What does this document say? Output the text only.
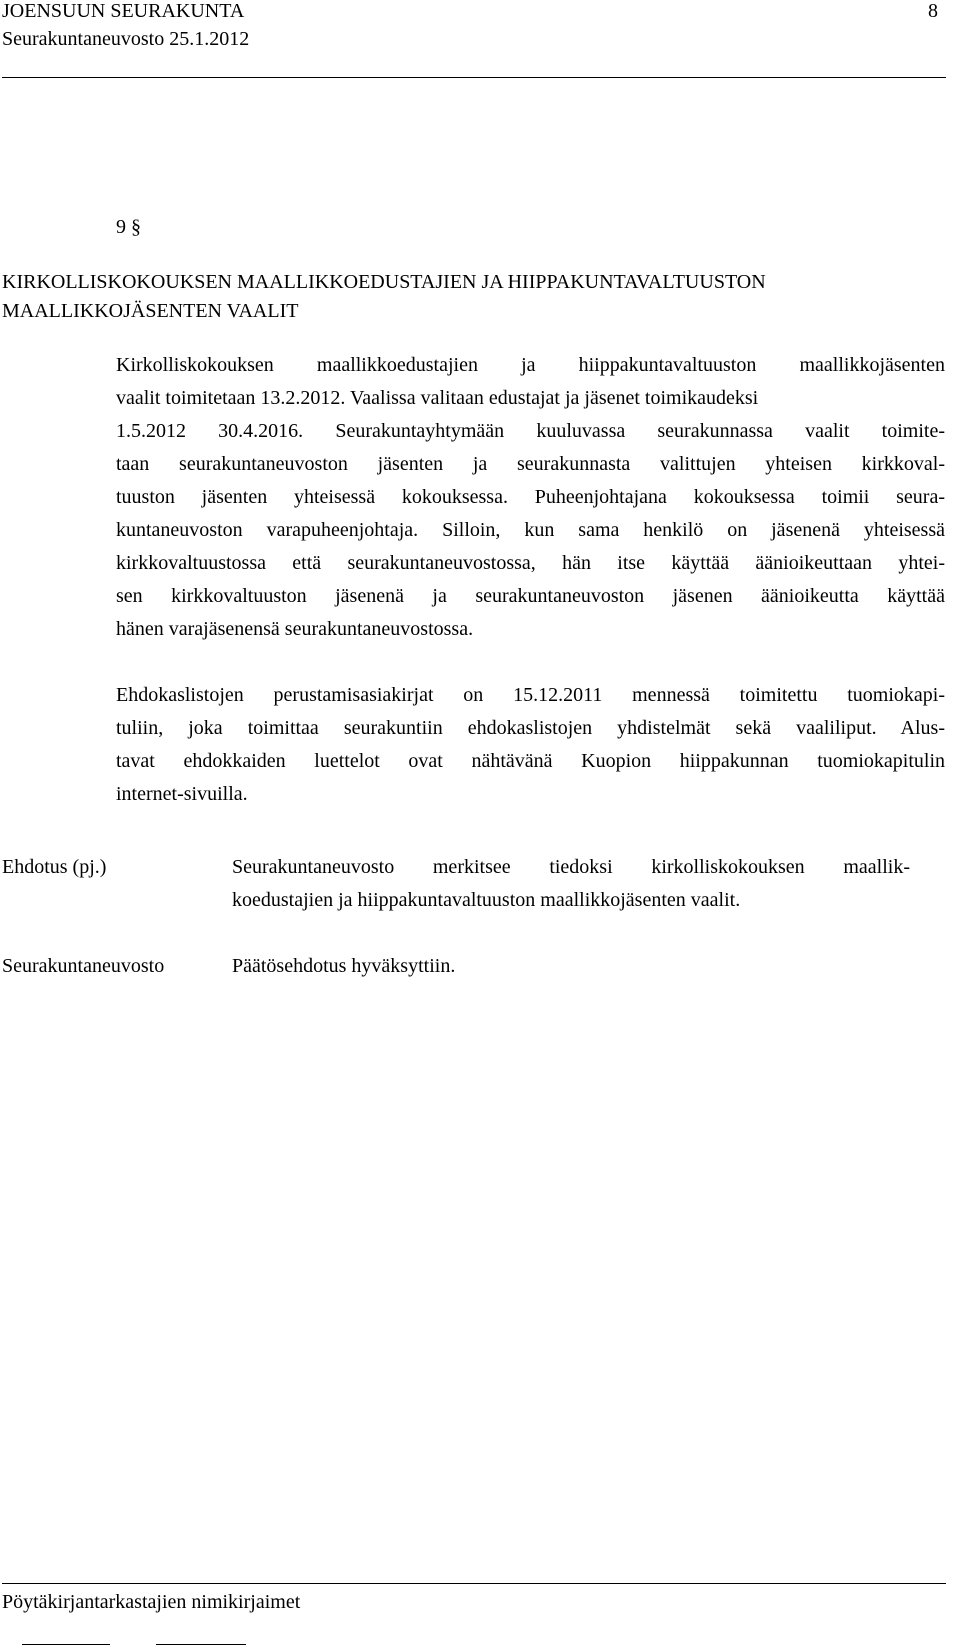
JOENSUUN SEURAKUNTA	8
Seurakuntaneuvosto 25.1.2012
9 §
KIRKOLLISKOKOUKSEN MAALLIKKOEDUSTAJIEN JA HIIPPAKUNTAVALTUUSTON
MAALLIKKOJÄSENTEN VAALIT
Kirkolliskokouksen maallikkoedustajien ja hiippakuntavaltuuston maallikkojäsenten
vaalit toimitetaan 13.2.2012. Vaalissa valitaan edustajat ja jäsenet toimikaudeksi
1.5.2012 30.4.2016. Seurakuntayhtymään kuuluvassa seurakunnassa vaalit toimite-
taan seurakuntaneuvoston jäsenten ja seurakunnasta valittujen yhteisen kirkkoval-
tuuston jäsenten yhteisessä kokouksessa. Puheenjohtajana kokouksessa toimii seura-
kuntaneuvoston varapuheenjohtaja. Silloin, kun sama henkilö on jäsenenä yhteisessä
kirkkovaltuustossa että seurakuntaneuvostossa, hän itse käyttää äänioikeuttaan yhtei-
sen kirkkovaltuuston jäsenenä ja seurakuntaneuvoston jäsenen äänioikeutta käyttää
hänen varajäsenensä seurakuntaneuvostossa.
Ehdokaslistojen perustamisasiakirjat on 15.12.2011 mennessä toimitettu tuomiokapi-
tuliin, joka toimittaa seurakuntiin ehdokaslistojen yhdistelmät sekä vaaliliput. Alus-
tavat ehdokkaiden luettelot ovat nähtävänä Kuopion hiippakunnan tuomiokapitulin
internet-sivuilla.
Ehdotus (pj.)	Seurakuntaneuvosto merkitsee tiedoksi kirkolliskokouksen maallik-
koedustajien ja hiippakuntavaltuuston maallikkojäsenten vaalit.
Seurakuntaneuvosto	Päätösehdotus hyväksyttiin.
Pöytäkirjantarkastajien nimikirjaimet
